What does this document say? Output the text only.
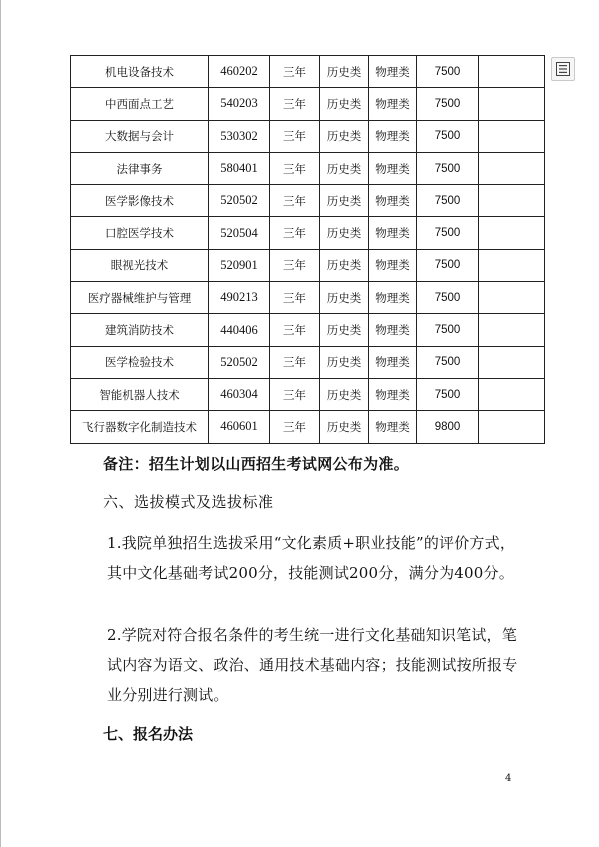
机电设备技术	460202	三年	历史类	物理类	7500	
中西面点工艺	540203	三年	历史类	物理类	7500	
大数据与会计	530302	三年	历史类	物理类	7500	
法律事务	580401	三年	历史类	物理类	7500	
医学影像技术	520502	三年	历史类	物理类	7500	
口腔医学技术	520504	三年	历史类	物理类	7500	
眼视光技术	520901	三年	历史类	物理类	7500	
医疗器械维护与管理	490213	三年	历史类	物理类	7500	
建筑消防技术	440406	三年	历史类	物理类	7500	
医学检验技术	520502	三年	历史类	物理类	7500	
智能机器人技术	460304	三年	历史类	物理类	7500	
飞行器数字化制造技术	460601	三年	历史类	物理类	9800	
备注：招生计划以山西招生考试网公布为准。
六、选拔模式及选拔标准
1.我院单独招生选拔采用“文化素质+职业技能”的评价方式，其中文化基础考试200分，技能测试200分，满分为400分。
2.学院对符合报名条件的考生统一进行文化基础知识笔试，笔试内容为语文、政治、通用技术基础内容；技能测试按所报专业分别进行测试。
七、报名办法
4
